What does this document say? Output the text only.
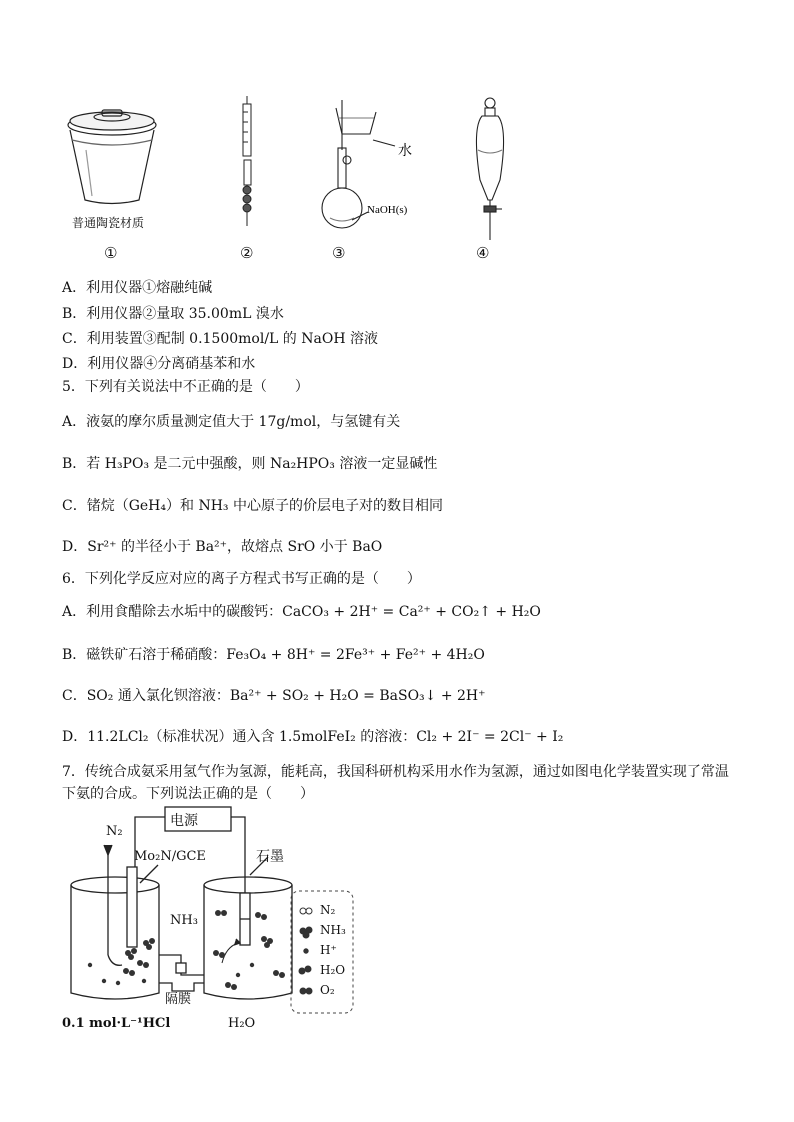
水
NaOH(s)
普通陶瓷材质
①	②	③	④
A．利用仪器①熔融纯碱
B．利用仪器②量取 35.00mL 溴水
C．利用装置③配制 0.1500mol/L 的 NaOH 溶液
D．利用仪器④分离硝基苯和水
5．下列有关说法中不正确的是（　　）
A．液氨的摩尔质量测定值大于 17g/mol，与氢键有关
B．若 H₃PO₃ 是二元中强酸，则 Na₂HPO₃ 溶液一定显碱性
C．锗烷（GeH₄）和 NH₃ 中心原子的价层电子对的数目相同
D．Sr²⁺ 的半径小于 Ba²⁺，故熔点 SrO 小于 BaO
6．下列化学反应对应的离子方程式书写正确的是（　　）
A．利用食醋除去水垢中的碳酸钙：CaCO₃ + 2H⁺ = Ca²⁺ + CO₂↑ + H₂O
B．磁铁矿石溶于稀硝酸：Fe₃O₄ + 8H⁺ = 2Fe³⁺ + Fe²⁺ + 4H₂O
C．SO₂ 通入氯化钡溶液：Ba²⁺ + SO₂ + H₂O = BaSO₃↓ + 2H⁺
D．11.2LCl₂（标准状况）通入含 1.5molFeI₂ 的溶液：Cl₂ + 2I⁻ = 2Cl⁻ + I₂
7．传统合成氨采用氢气作为氢源，能耗高，我国科研机构采用水作为氢源，通过如图电化学装置实现了常温
下氨的合成。下列说法正确的是（　　）
电源
N₂
Mo₂N/GCE	石墨
NH₃
隔膜
0.1 mol·L⁻¹HCl	H₂O
N₂
NH₃
H⁺
H₂O
O₂
